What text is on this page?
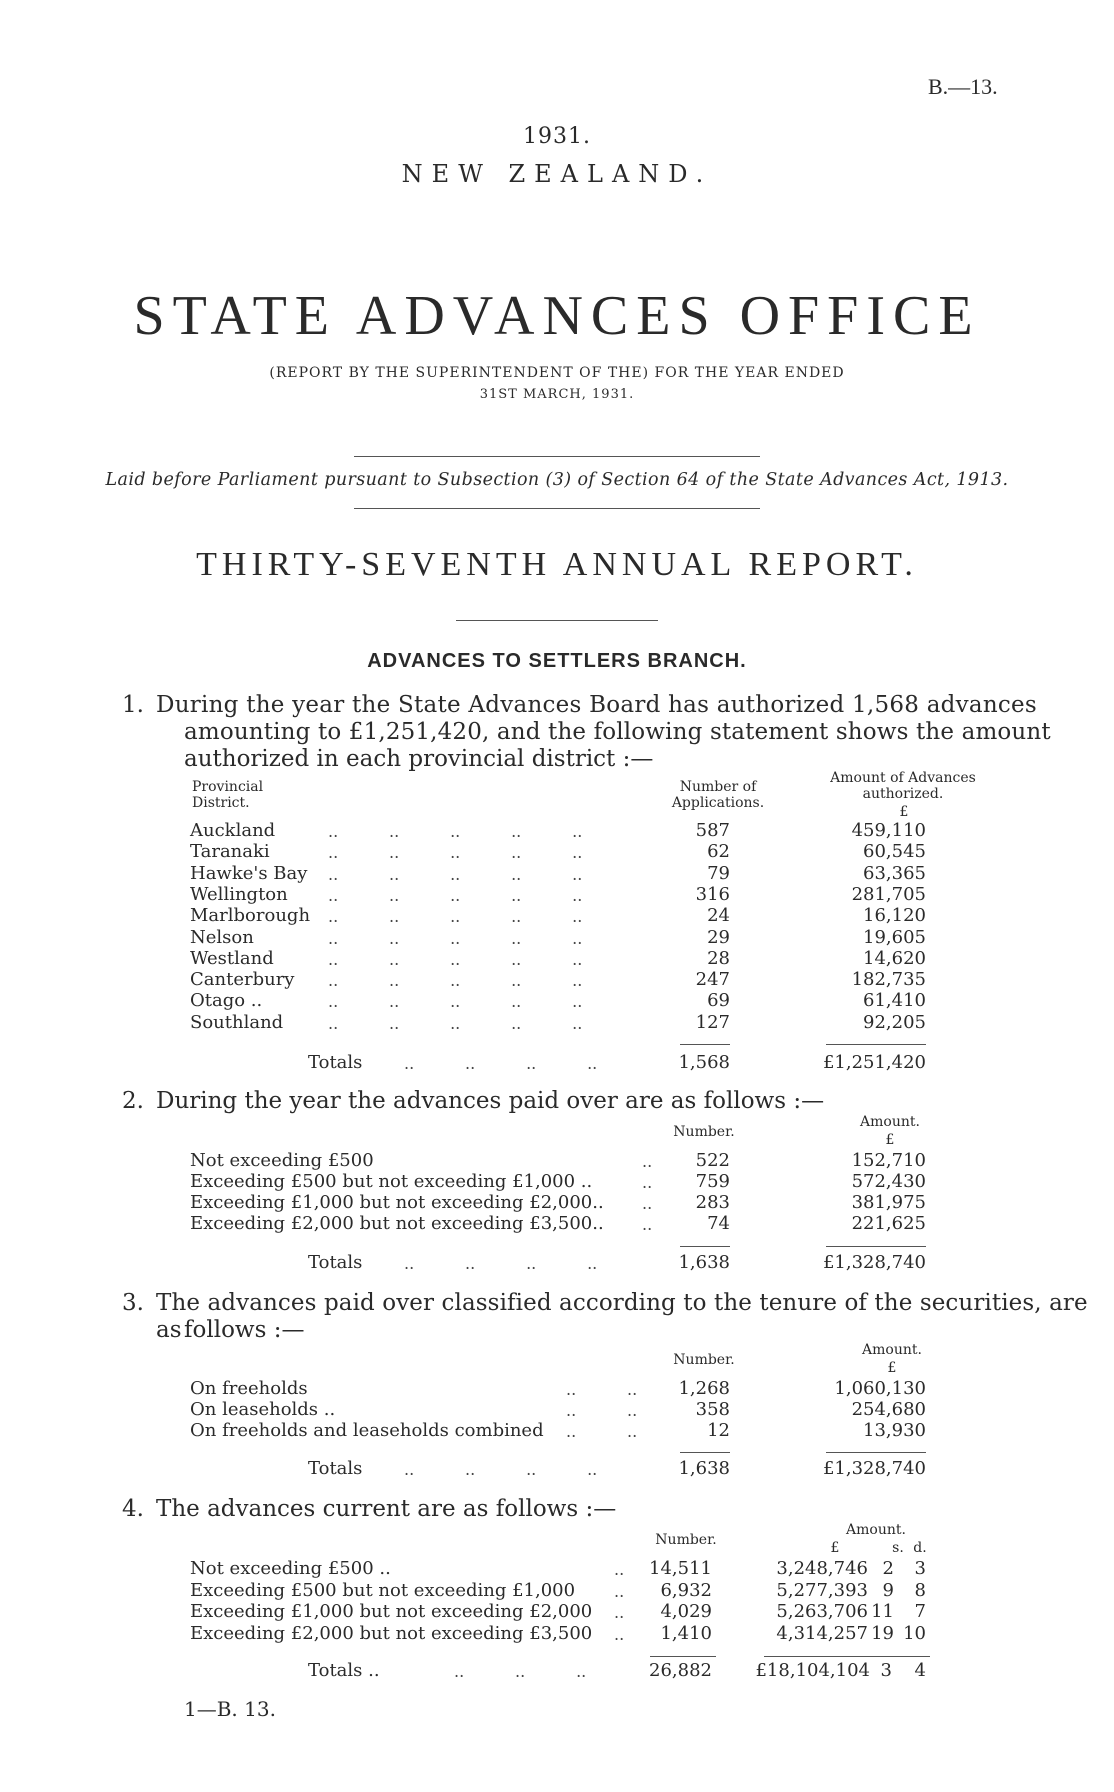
B.—13.
1931.
NEW ZEALAND.
STATE ADVANCES OFFICE
(REPORT BY THE SUPERINTENDENT OF THE) FOR THE YEAR ENDED
31ST MARCH, 1931.
Laid before Parliament pursuant to Subsection (3) of Section 64 of the State Advances Act, 1913.
THIRTY-SEVENTH ANNUAL REPORT.
ADVANCES TO SETTLERS BRANCH.
1. During the year the State Advances Board has authorized 1,568 advances
amounting to £1,251,420, and the following statement shows the amount
authorized in each provincial district :—
Provincial District.
Number of Applications.
Amount of Advances authorized.
£
Auckland	..          ..          ..          ..          ..	587	459,110
Taranaki	..          ..          ..          ..          ..	62	60,545
Hawke's Bay ..          ..          ..          ..          ..	79	63,365
Wellington	..          ..          ..          ..          ..	316	281,705
Marlborough ..          ..          ..          ..          ..	24	16,120
Nelson	..          ..          ..          ..          ..	29	19,605
Westland	..          ..          ..          ..          ..	28	14,620
Canterbury ..          ..          ..          ..          ..	247	182,735
Otago ..	..          ..          ..          ..          ..	69	61,410
Southland	..          ..          ..          ..          ..	127	92,205
Totals	..          ..          ..          ..	1,568	£1,251,420
2. During the year the advances paid over are as follows :—
Number.
Amount.
£
Not exceeding £500	..	522	152,710
Exceeding £500 but not exceeding £1,000 ..	..	759	572,430
Exceeding £1,000 but not exceeding £2,000.. ..	283	381,975
Exceeding £2,000 but not exceeding £3,500.. ..	74	221,625
Totals	..          ..          ..          ..	1,638	£1,328,740
3. The advances paid over classified according to the tenure of the securities, are as follows :—
Number.
Amount.
£
On freeholds	..          ..	1,268	1,060,130
On leaseholds ..	..          ..	358	254,680
On freeholds and leaseholds combined ..          ..	12	13,930
Totals	..          ..          ..          ..	1,638	£1,328,740
4. The advances current are as follows :—
Number.
Amount.
£	s. d.
Not exceeding £500 ..	..	14,511	3,248,746 2	3
Exceeding £500 but not exceeding £1,000 ..	6,932	5,277,393 9	8
Exceeding £1,000 but not exceeding £2,000 ..	4,029	5,263,706 11	7
Exceeding £2,000 but not exceeding £3,500 ..	1,410	4,314,257 19 10
Totals ..	..          ..          ..	26,882	£18,104,104 3	4
1—B. 13.
